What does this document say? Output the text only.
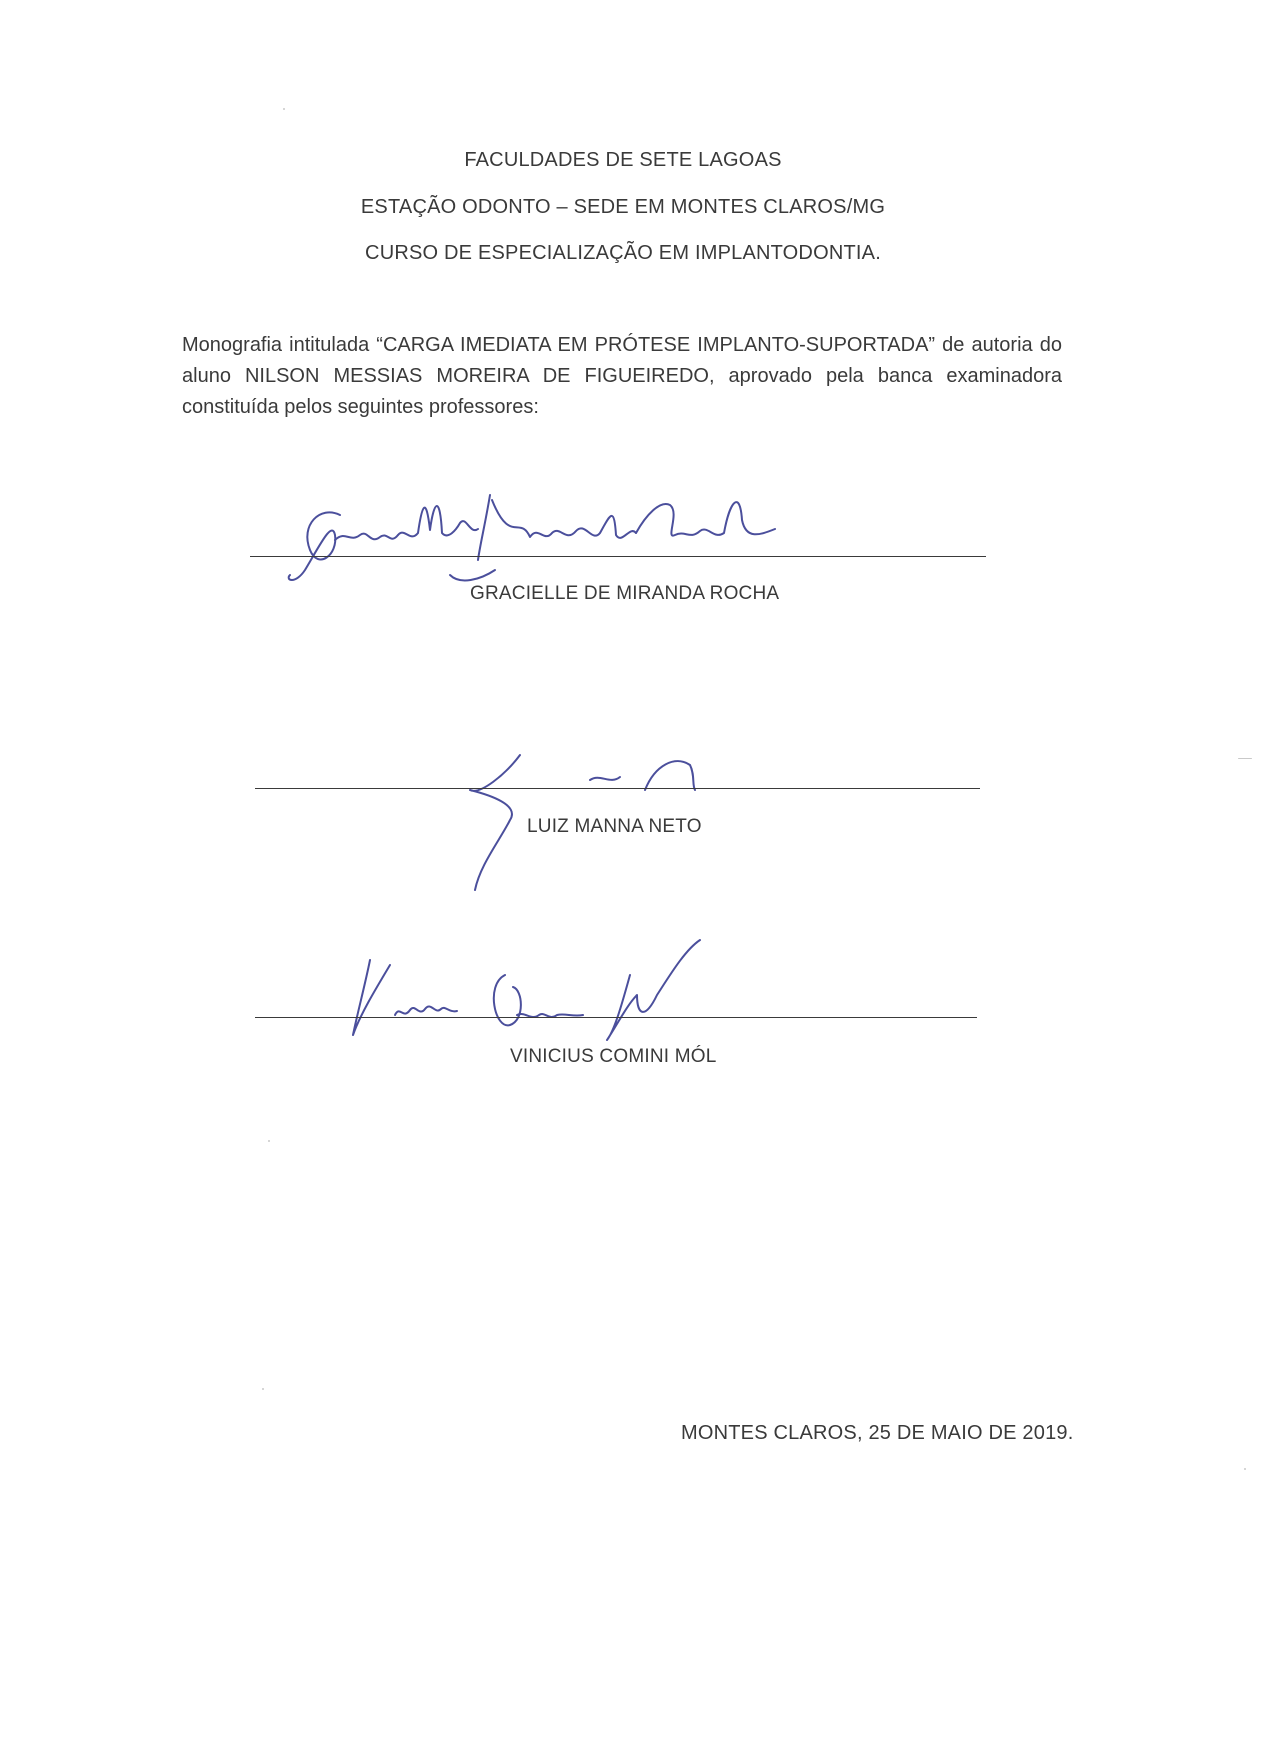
FACULDADES DE SETE LAGOAS
ESTAÇÃO ODONTO – SEDE EM MONTES CLAROS/MG
CURSO DE ESPECIALIZAÇÃO EM IMPLANTODONTIA.
Monografia intitulada “CARGA IMEDIATA EM PRÓTESE IMPLANTO-SUPORTADA” de autoria do aluno NILSON MESSIAS MOREIRA DE FIGUEIREDO, aprovado pela banca examinadora constituída pelos seguintes professores:
GRACIELLE DE MIRANDA ROCHA
LUIZ MANNA NETO
VINICIUS COMINI MÓL
MONTES CLAROS, 25 DE MAIO DE 2019.
